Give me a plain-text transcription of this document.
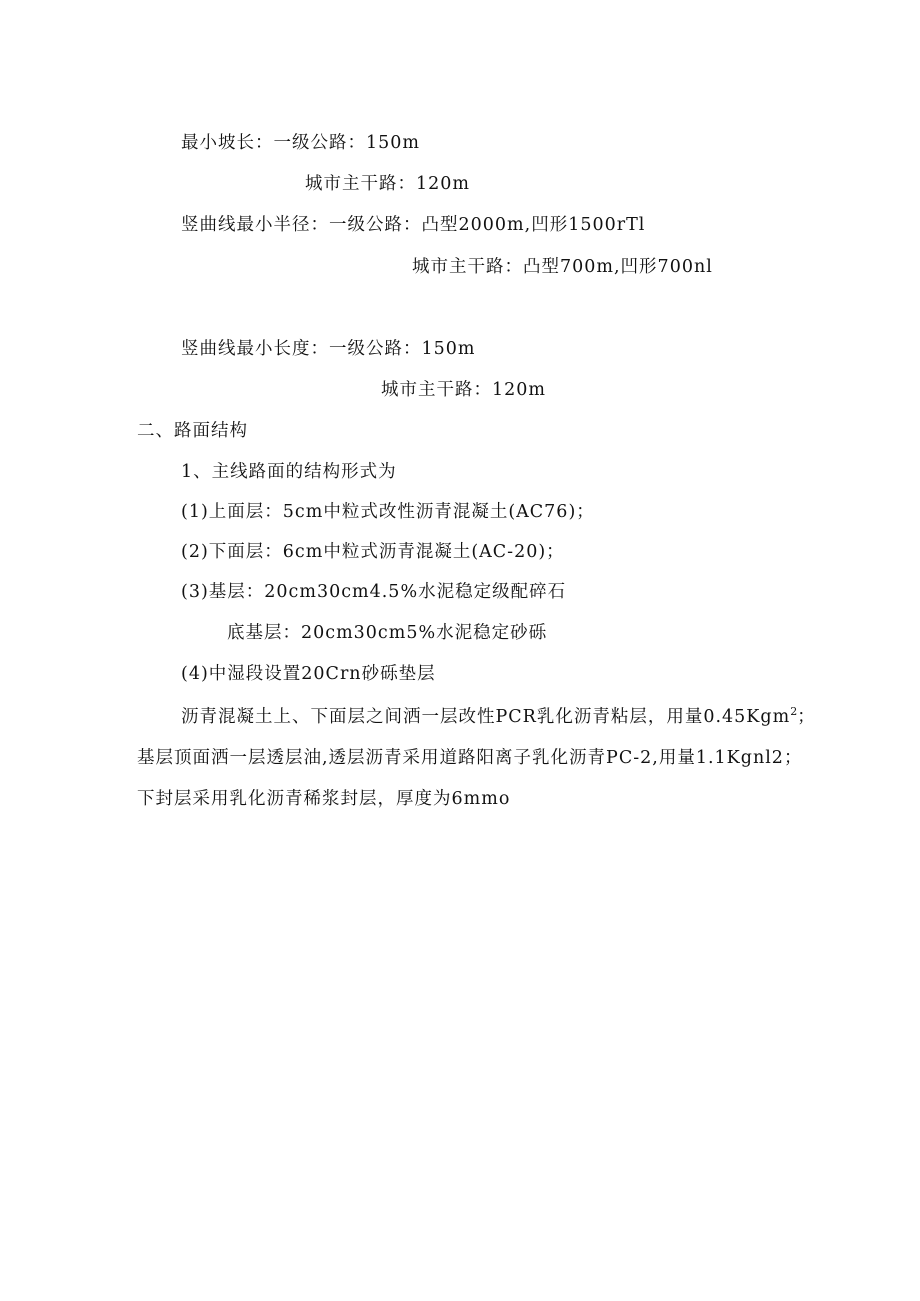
最小坡长：一级公路：150m
城市主干路：120m
竖曲线最小半径：一级公路：凸型2000m,凹形1500rTl
城市主干路：凸型700m,凹形700nl
竖曲线最小长度：一级公路：150m
城市主干路：120m
二、路面结构
1、主线路面的结构形式为
(1)上面层：5cm中粒式改性沥青混凝土(AC76)；
(2)下面层：6cm中粒式沥青混凝土(AC-20)；
(3)基层：20cm30cm4.5%水泥稳定级配碎石
底基层：20cm30cm5%水泥稳定砂砾
(4)中湿段设置20Crn砂砾垫层
沥青混凝土上、下面层之间洒一层改性PCR乳化沥青粘层，用量0.45Kgm$^2$；
基层顶面洒一层透层油,透层沥青采用道路阳离子乳化沥青PC-2,用量1.1Kgnl2；
下封层采用乳化沥青稀浆封层，厚度为6mmo
